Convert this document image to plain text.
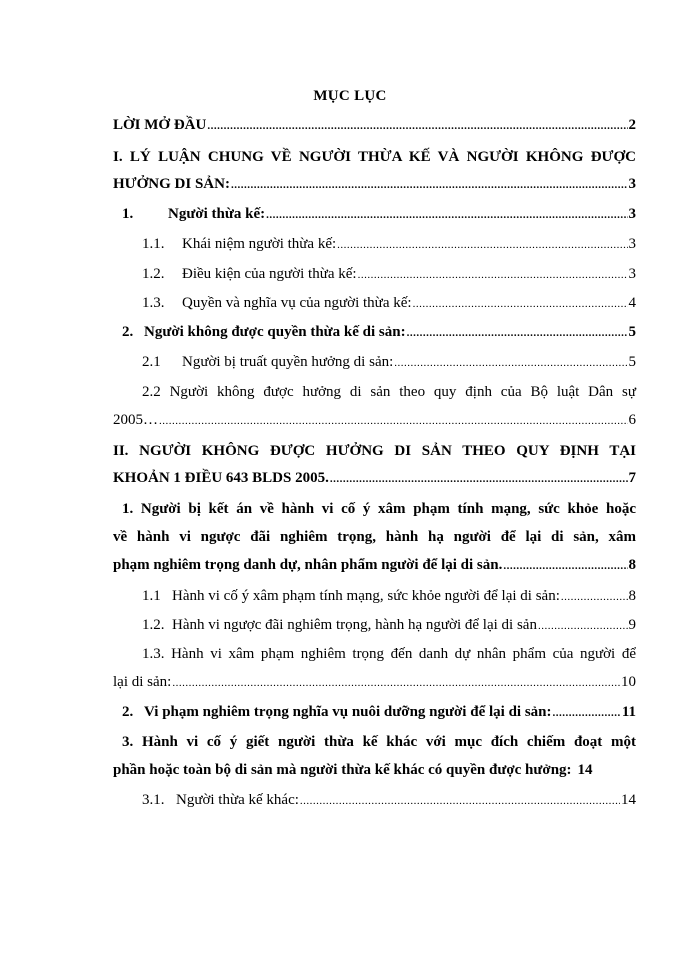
MỤC LỤC
LỜI MỞ ĐẦU .....	2
I. LÝ LUẬN CHUNG VỀ NGƯỜI THỪA KẾ VÀ NGƯỜI KHÔNG ĐƯỢC
HƯỞNG DI SẢN: .....	3
1.	Người thừa kế: .....	3
1.1.	Khái niệm người thừa kế: .....	3
1.2.	Điều kiện của người thừa kế: .....	3
1.3.	Quyền và nghĩa vụ của người thừa kế: .....	4
2. Người không được quyền thừa kế di sản: .....	5
2.1	Người bị truất quyền hưởng di sản: .....	5
2.2 Người không được hưởng di sản theo quy định của Bộ luật Dân sự
2005… .....	6
II. NGƯỜI KHÔNG ĐƯỢC HƯỞNG DI SẢN THEO QUY ĐỊNH TẠI
KHOẢN 1 ĐIỀU 643 BLDS 2005. .....	7
1. Người bị kết án về hành vi cố ý xâm phạm tính mạng, sức khỏe hoặc
về hành vi ngược đãi nghiêm trọng, hành hạ người để lại di sản, xâm
phạm nghiêm trọng danh dự, nhân phẩm người để lại di sản. .....	8
1.1 Hành vi cố ý xâm phạm tính mạng, sức khỏe người để lại di sản: .....	8
1.2. Hành vi ngược đãi nghiêm trọng, hành hạ người để lại di sản .....	9
1.3. Hành vi xâm phạm nghiêm trọng đến danh dự nhân phẩm của người để
lại di sản: .....	10
2. Vi phạm nghiêm trọng nghĩa vụ nuôi dưỡng người để lại di sản: .....	11
3. Hành vi cố ý giết người thừa kế khác với mục đích chiếm đoạt một
phần hoặc toàn bộ di sản mà người thừa kế khác có quyền được hưởng: 14
3.1. Người thừa kế khác: .....	14
